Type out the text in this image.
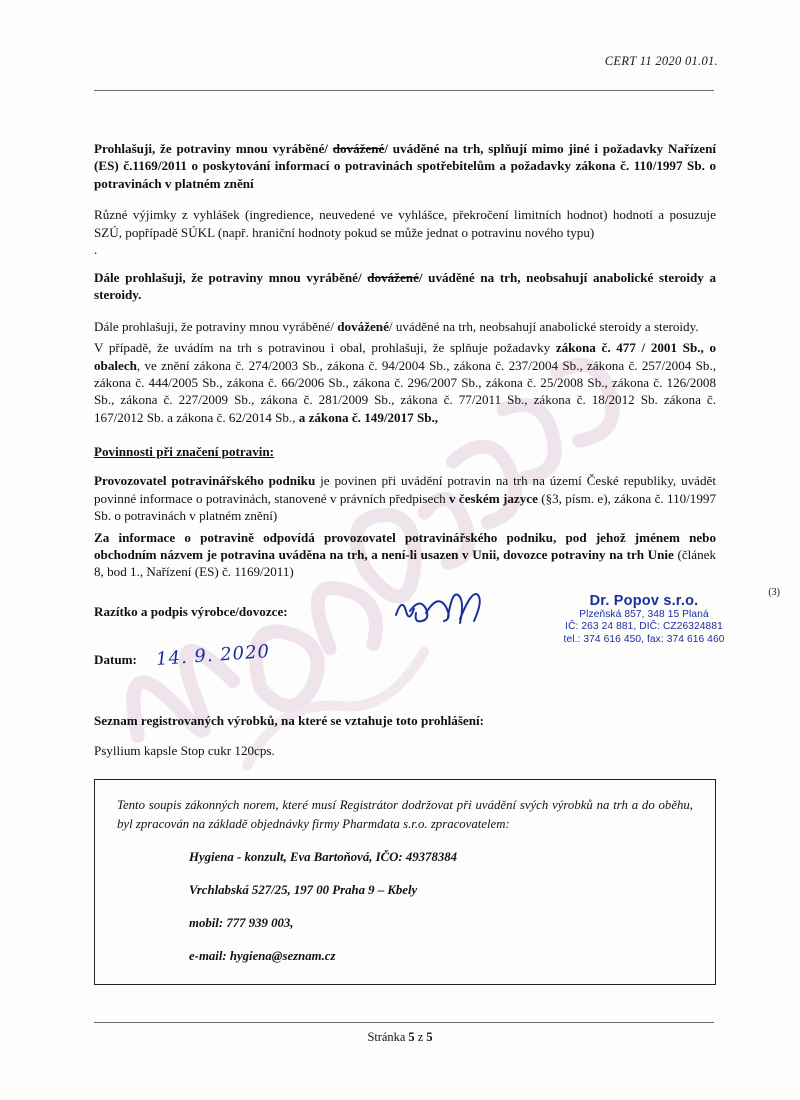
CERT 11 2020 01.01.

Prohlašuji, že potraviny mnou vyráběné/ dovážené/ uváděné na trh, splňují mimo jiné i požadavky Nařízení (ES) č.1169/2011 o poskytování informací o potravinách spotřebitelům a požadavky zákona č. 110/1997 Sb. o potravinách v platném znění

Různé výjimky z vyhlášek (ingredience, neuvedené ve vyhlášce, překročení limitních hodnot) hodnotí a posuzuje SZÚ, popřípadě SÚKL (např. hraniční hodnoty pokud se může jednat o potravinu nového typu)

.

Dále prohlašuji, že potraviny mnou vyráběné/ dovážené/ uváděné na trh, neobsahují anabolické steroidy a steroidy.

Dále prohlašuji, že potraviny mnou vyráběné/ dovážené/ uváděné na trh, neobsahují anabolické steroidy a steroidy.

V případě, že uvádím na trh s potravinou i obal, prohlašuji, že splňuje požadavky zákona č. 477 / 2001 Sb., o obalech, ve znění zákona č. 274/2003 Sb., zákona č. 94/2004 Sb., zákona č. 237/2004 Sb., zákona č. 257/2004 Sb., zákona č. 444/2005 Sb., zákona č. 66/2006 Sb., zákona č. 296/2007 Sb., zákona č. 25/2008 Sb., zákona č. 126/2008 Sb., zákona č. 227/2009 Sb., zákona č. 281/2009 Sb., zákona č. 77/2011 Sb., zákona č. 18/2012 Sb. zákona č. 167/2012 Sb. a zákona č. 62/2014 Sb., a zákona č. 149/2017 Sb.,

Povinnosti při značení potravin:

Provozovatel potravinářského podniku je povinen při uvádění potravin na trh na území České republiky, uvádět povinné informace o potravinách, stanovené v právních předpisech v českém jazyce (§3, písm. e), zákona č. 110/1997 Sb. o potravinách v platném znění)

Za informace o potravině odpovídá provozovatel potravinářského podniku, pod jehož jménem nebo obchodním názvem je potravina uváděna na trh, a není-li usazen v Unii, dovozce potraviny na trh Unie (článek 8, bod 1., Nařízení (ES) č. 1169/2011)

Razítko a podpis výrobce/dovozce:
(3)
Dr. Popov s.r.o.
Plzeňská 857, 348 15 Planá
IČ: 263 24 881, DIČ: CZ26324881
tel.: 374 616 450, fax: 374 616 460
Datum: 14. 9. 2020

Seznam registrovaných výrobků, na které se vztahuje toto prohlášení:

Psyllium kapsle Stop cukr 120cps.

Tento soupis zákonných norem, které musí Registrátor dodržovat při uvádění svých výrobků na trh a do oběhu, byl zpracován na základě objednávky firmy Pharmdata s.r.o. zpracovatelem:

Hygiena - konzult, Eva Bartoňová, IČO: 49378384

Vrchlabská 527/25, 197 00 Praha 9 – Kbely

mobil: 777 939 003,

e-mail: hygiena@seznam.cz

Stránka 5 z 5
